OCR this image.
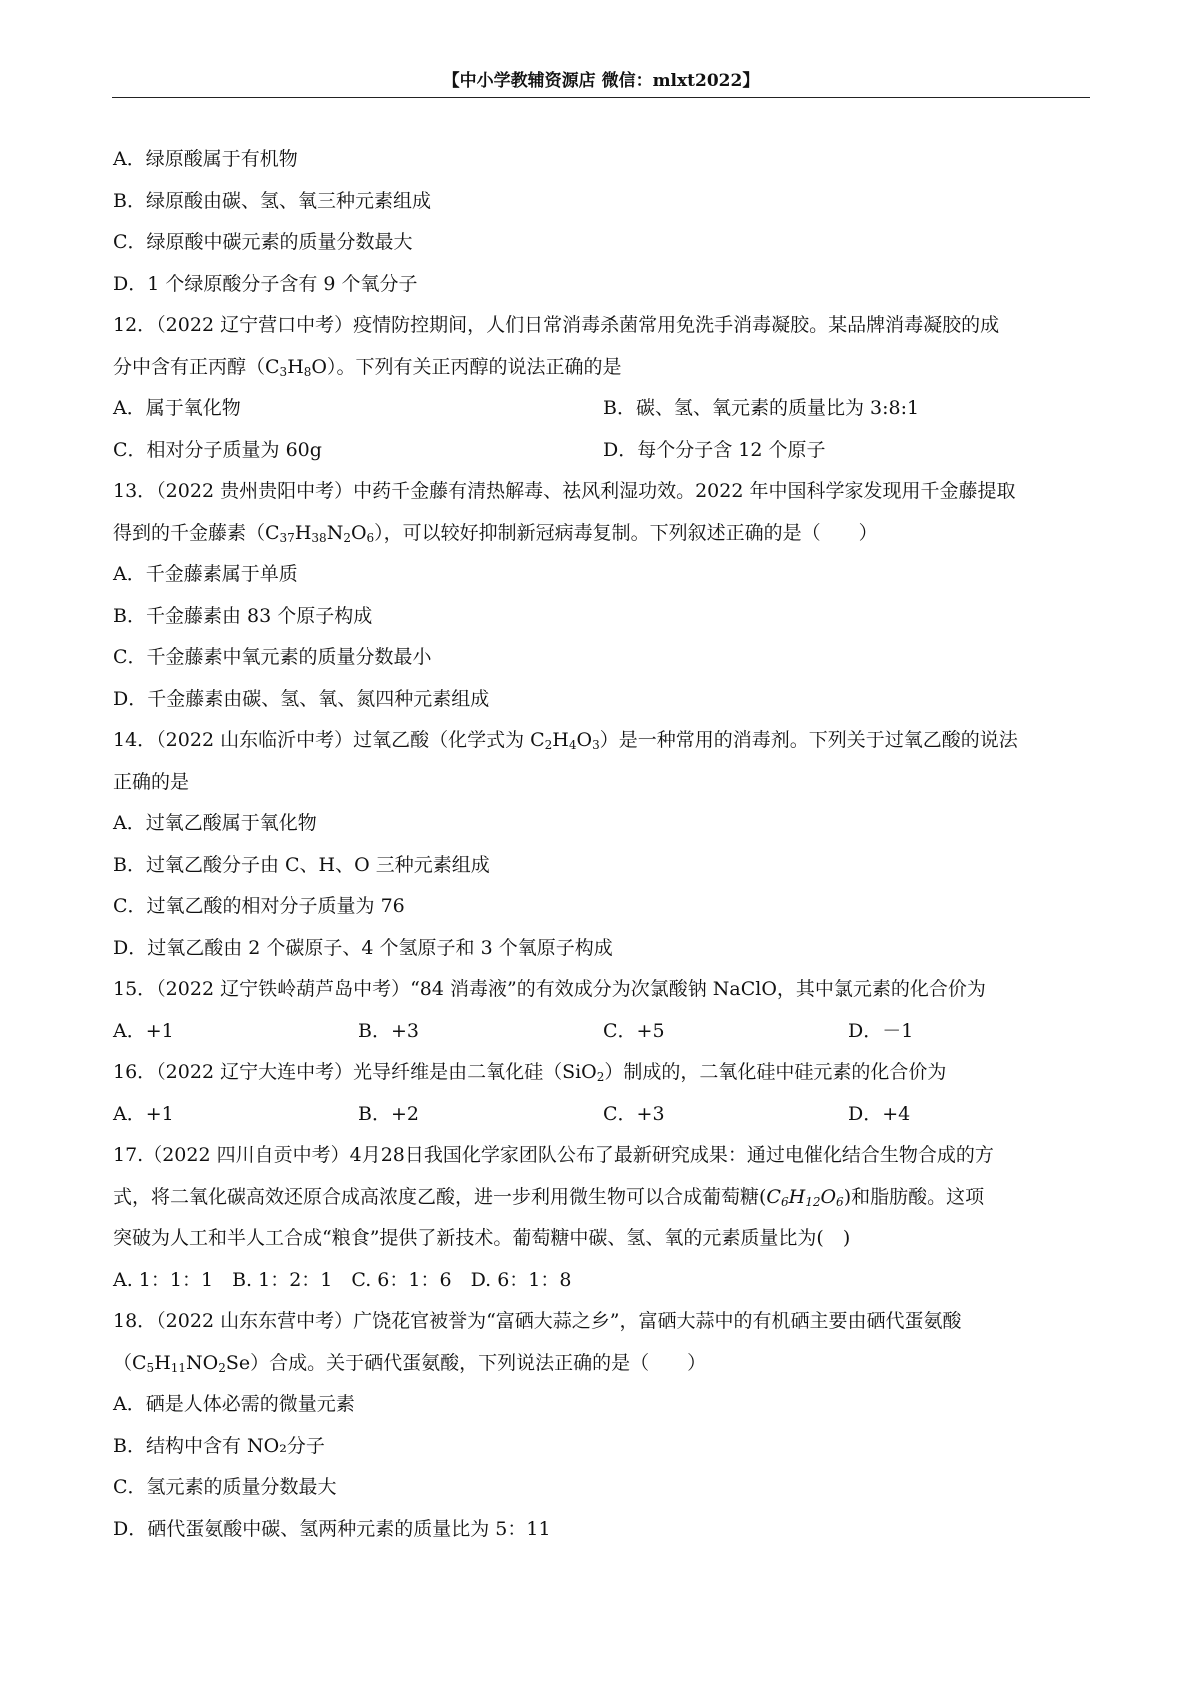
【中小学教辅资源店 微信：mlxt2022】
A．绿原酸属于有机物
B．绿原酸由碳、氢、氧三种元素组成
C．绿原酸中碳元素的质量分数最大
D．1 个绿原酸分子含有 9 个氧分子
12．（2022 辽宁营口中考）疫情防控期间，人们日常消毒杀菌常用免洗手消毒凝胶。某品牌消毒凝胶的成
分中含有正丙醇$(C_3H_8O)$。下列有关正丙醇的说法正确的是
A．属于氧化物	B．碳、氢、氧元素的质量比为 3:8:1
C．相对分子质量为 60g	D．每个分子含 12 个原子
13．（2022 贵州贵阳中考）中药千金藤有清热解毒、祛风利湿功效。2022 年中国科学家发现用千金藤提取
得到的千金藤素$(C_{37}H_{38}N_2O_6)$，可以较好抑制新冠病毒复制。下列叙述正确的是（　　）
A．千金藤素属于单质
B．千金藤素由 83 个原子构成
C．千金藤素中氧元素的质量分数最小
D．千金藤素由碳、氢、氧、氮四种元素组成
14．（2022 山东临沂中考）过氧乙酸（化学式为 $C_2H_4O_3$）是一种常用的消毒剂。下列关于过氧乙酸的说法
正确的是
A．过氧乙酸属于氧化物
B．过氧乙酸分子由 C、H、O 三种元素组成
C．过氧乙酸的相对分子质量为 76
D．过氧乙酸由 2 个碳原子、4 个氢原子和 3 个氧原子构成
15．（2022 辽宁铁岭葫芦岛中考）“84 消毒液”的有效成分为次氯酸钠 NaClO，其中氯元素的化合价为
A．+1	B．+3	C．+5	D．－1
16．（2022 辽宁大连中考）光导纤维是由二氧化硅（SiO$_2$）制成的，二氧化硅中硅元素的化合价为
A．+1	B．+2	C．+3	D．+4
17.（2022 四川自贡中考）4月28日我国化学家团队公布了最新研究成果：通过电催化结合生物合成的方
式，将二氧化碳高效还原合成高浓度乙酸，进一步利用微生物可以合成葡萄糖$(C_6H_{12}O_6)$和脂肪酸。这项
突破为人工和半人工合成“粮食”提供了新技术。葡萄糖中碳、氢、氧的元素质量比为(　)
A. 1：1：1　B. 1：2：1　C. 6：1：6　D. 6：1：8
18．（2022 山东东营中考）广饶花官被誉为“富硒大蒜之乡”，富硒大蒜中的有机硒主要由硒代蛋氨酸
$(C_5H_{11}NO_2Se)$合成。关于硒代蛋氨酸，下列说法正确的是（　　）
A．硒是人体必需的微量元素
B．结构中含有 NO₂分子
C．氢元素的质量分数最大
D．硒代蛋氨酸中碳、氢两种元素的质量比为 5：11
